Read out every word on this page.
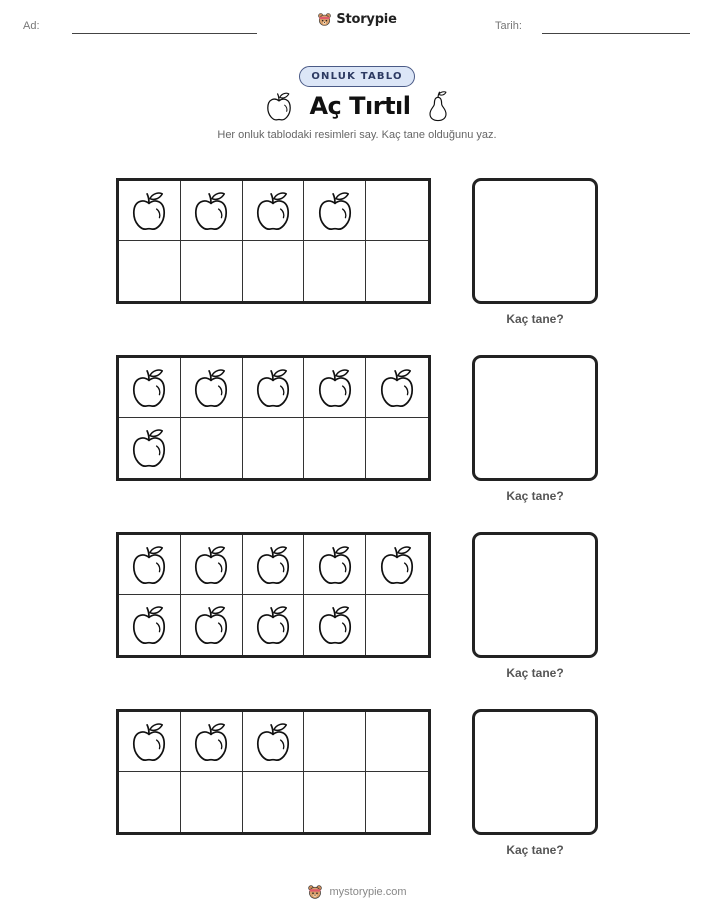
Ad:	Storypie	Tarih:
ONLUK TABLO
Aç Tırtıl
Her onluk tablodaki resimleri say. Kaç tane olduğunu yaz.
Kaç tane?
Kaç tane?
Kaç tane?
Kaç tane?
mystorypie.com
